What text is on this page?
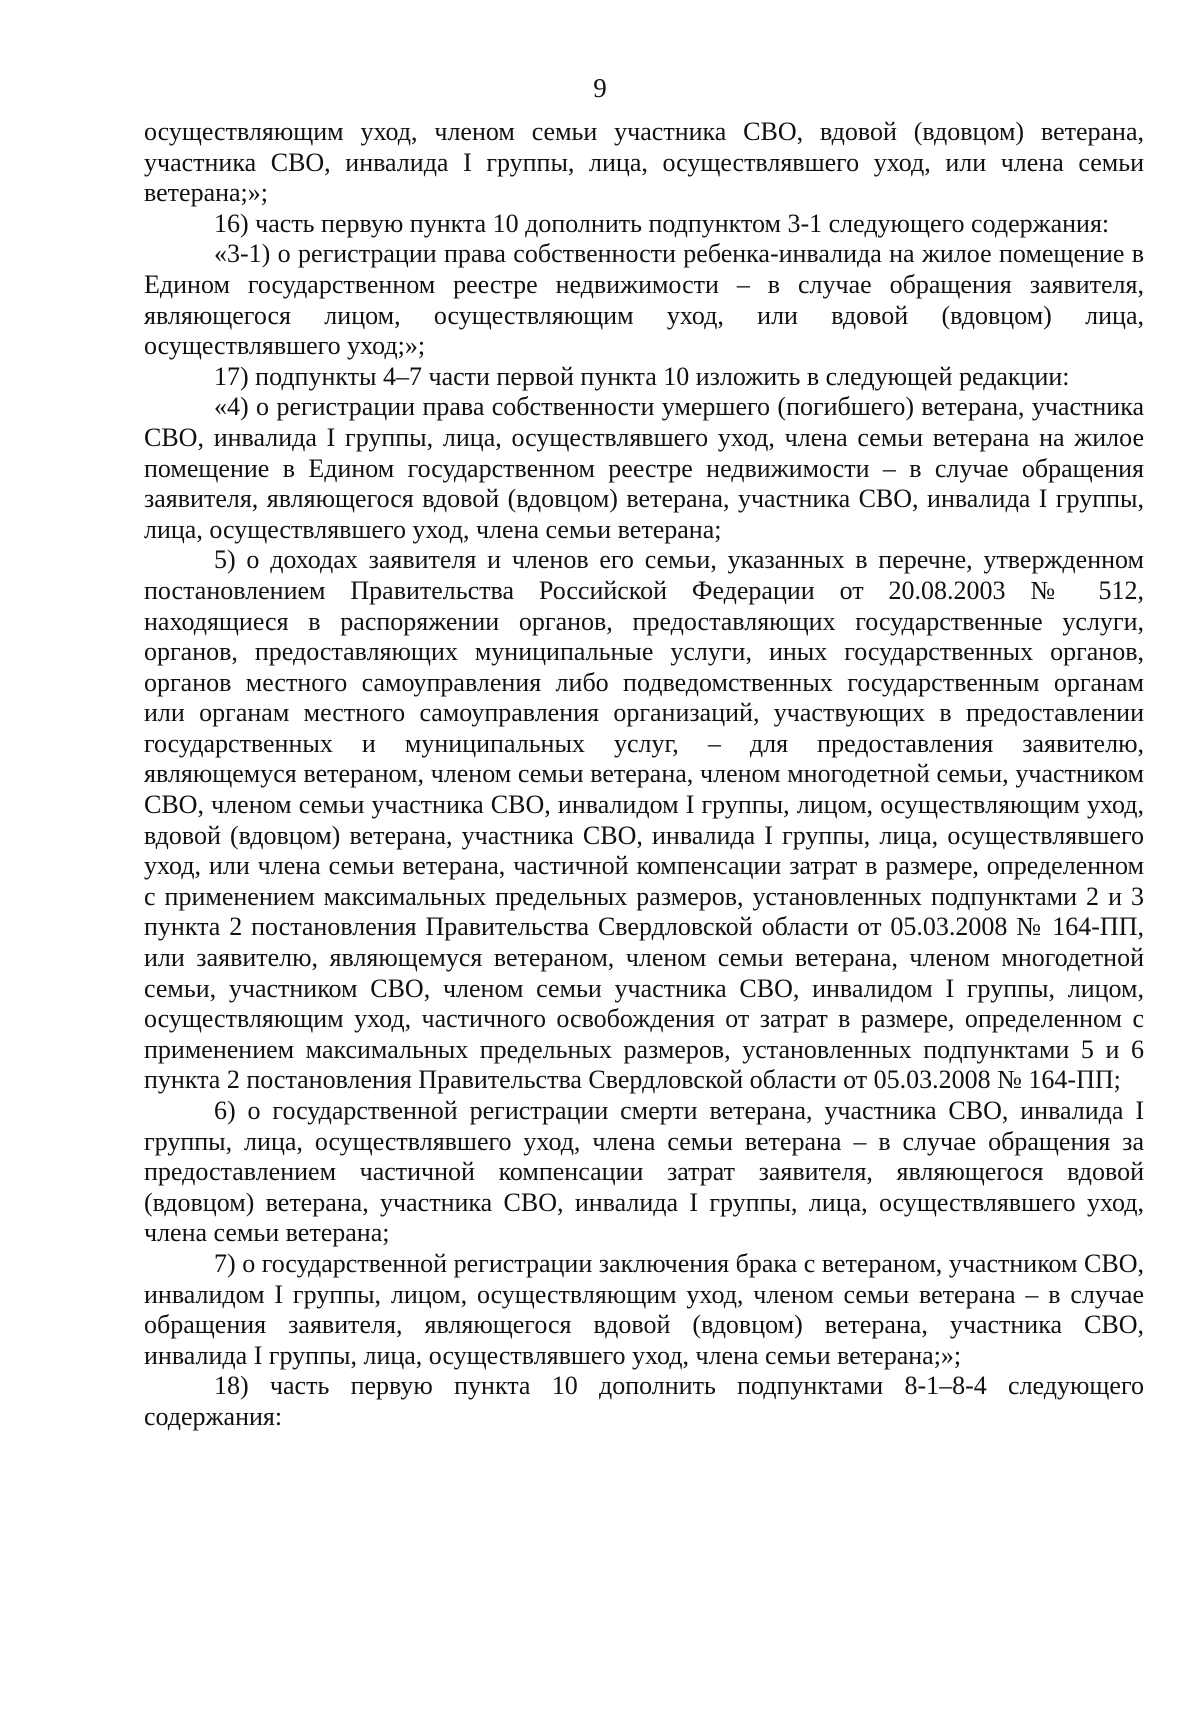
9

осуществляющим уход, членом семьи участника СВО, вдовой (вдовцом) ветерана, участника СВО, инвалида I группы, лица, осуществлявшего уход, или члена семьи ветерана;»;

16) часть первую пункта 10 дополнить подпунктом 3-1 следующего содержания:

«3-1) о регистрации права собственности ребенка-инвалида на жилое помещение в Едином государственном реестре недвижимости – в случае обращения заявителя, являющегося лицом, осуществляющим уход, или вдовой (вдовцом) лица, осуществлявшего уход;»;

17) подпункты 4–7 части первой пункта 10 изложить в следующей редакции:

«4) о регистрации права собственности умершего (погибшего) ветерана, участника СВО, инвалида I группы, лица, осуществлявшего уход, члена семьи ветерана на жилое помещение в Едином государственном реестре недвижимости – в случае обращения заявителя, являющегося вдовой (вдовцом) ветерана, участника СВО, инвалида I группы, лица, осуществлявшего уход, члена семьи ветерана;

5) о доходах заявителя и членов его семьи, указанных в перечне, утвержденном постановлением Правительства Российской Федерации от 20.08.2003 № 512, находящиеся в распоряжении органов, предоставляющих государственные услуги, органов, предоставляющих муниципальные услуги, иных государственных органов, органов местного самоуправления либо подведомственных государственным органам или органам местного самоуправления организаций, участвующих в предоставлении государственных и муниципальных услуг, – для предоставления заявителю, являющемуся ветераном, членом семьи ветерана, членом многодетной семьи, участником СВО, членом семьи участника СВО, инвалидом I группы, лицом, осуществляющим уход, вдовой (вдовцом) ветерана, участника СВО, инвалида I группы, лица, осуществлявшего уход, или члена семьи ветерана, частичной компенсации затрат в размере, определенном с применением максимальных предельных размеров, установленных подпунктами 2 и 3 пункта 2 постановления Правительства Свердловской области от 05.03.2008 № 164-ПП, или заявителю, являющемуся ветераном, членом семьи ветерана, членом многодетной семьи, участником СВО, членом семьи участника СВО, инвалидом I группы, лицом, осуществляющим уход, частичного освобождения от затрат в размере, определенном с применением максимальных предельных размеров, установленных подпунктами 5 и 6 пункта 2 постановления Правительства Свердловской области от 05.03.2008 № 164-ПП;

6) о государственной регистрации смерти ветерана, участника СВО, инвалида I группы, лица, осуществлявшего уход, члена семьи ветерана – в случае обращения за предоставлением частичной компенсации затрат заявителя, являющегося вдовой (вдовцом) ветерана, участника СВО, инвалида I группы, лица, осуществлявшего уход, члена семьи ветерана;

7) о государственной регистрации заключения брака с ветераном, участником СВО, инвалидом I группы, лицом, осуществляющим уход, членом семьи ветерана – в случае обращения заявителя, являющегося вдовой (вдовцом) ветерана, участника СВО, инвалида I группы, лица, осуществлявшего уход, члена семьи ветерана;»;

18) часть первую пункта 10 дополнить подпунктами 8-1–8-4 следующего содержания:
